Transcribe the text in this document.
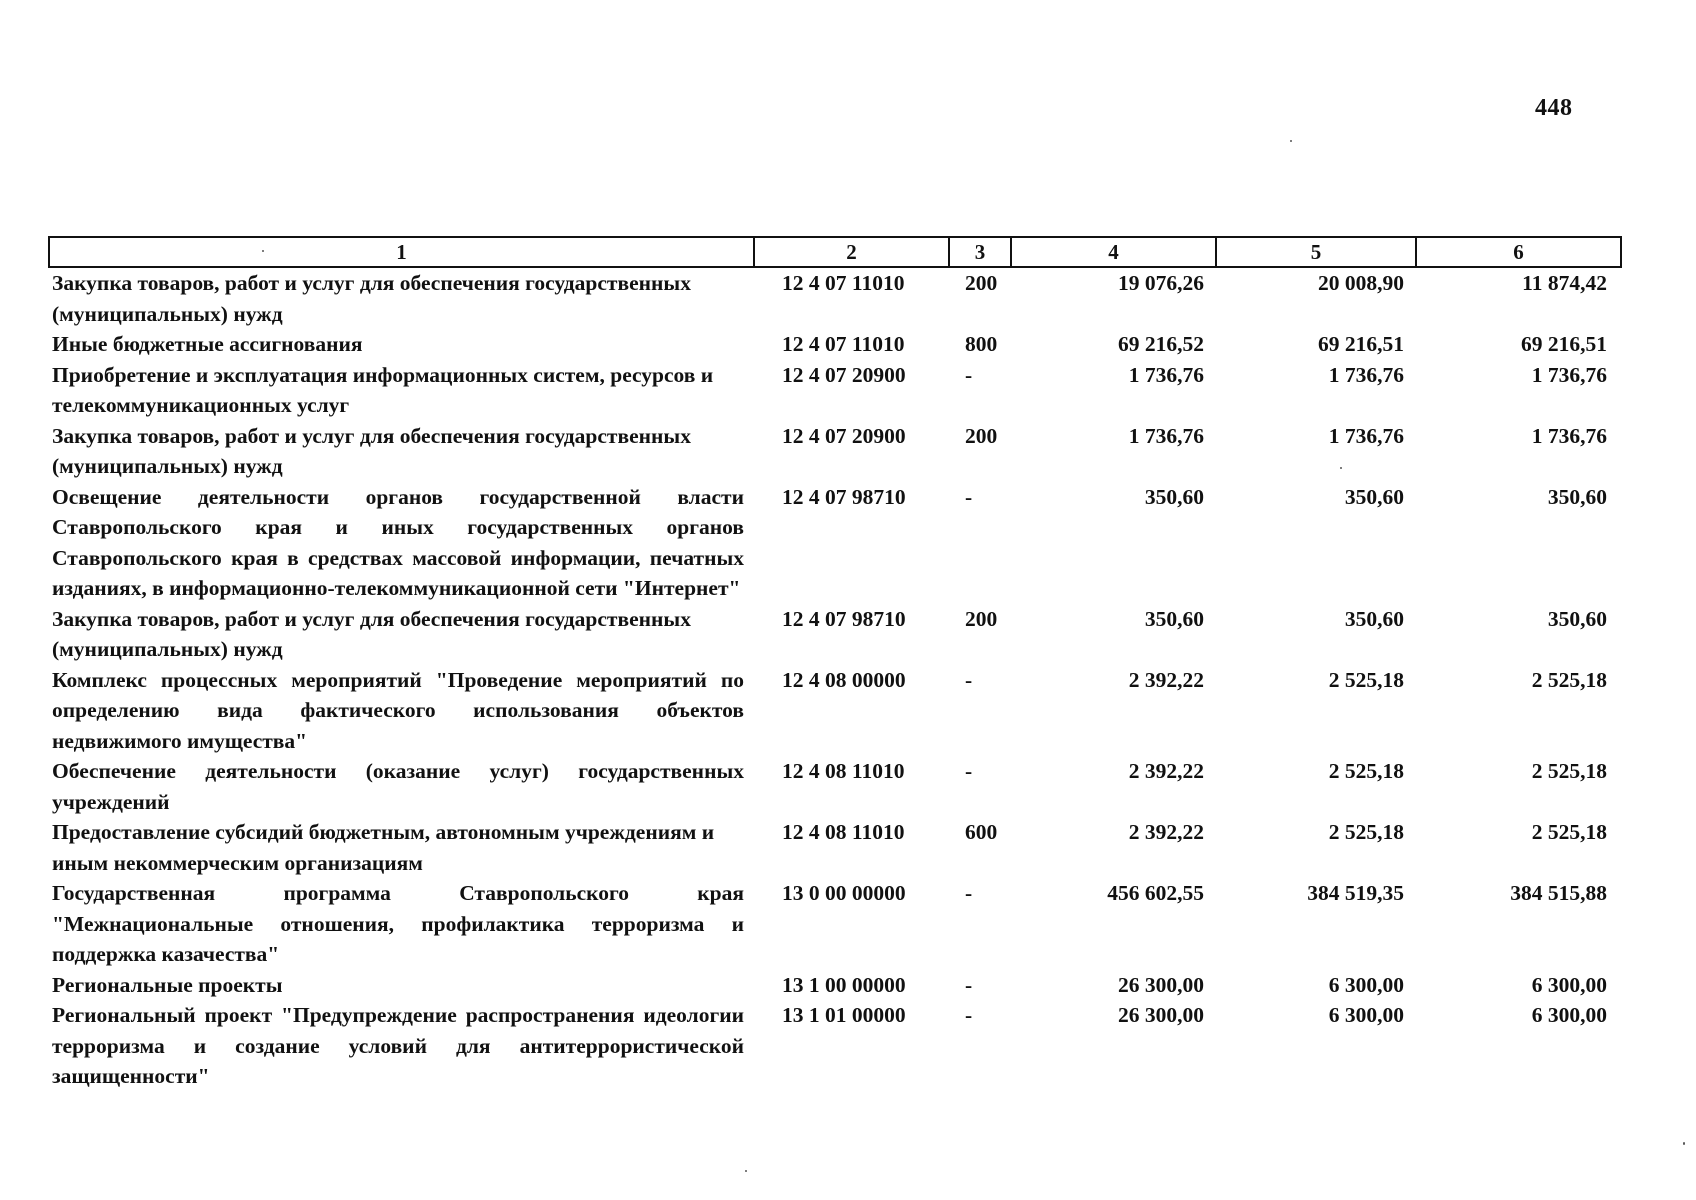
448
1	2	3	4	5	6
Закупка товаров, работ и услуг для обеспечения государственных (муниципальных) нужд	12 4 07 11010	200	19 076,26	20 008,90	11 874,42
Иные бюджетные ассигнования	12 4 07 11010	800	69 216,52	69 216,51	69 216,51
Приобретение и эксплуатация информационных систем, ресурсов и телекоммуникационных услуг	12 4 07 20900	-	1 736,76	1 736,76	1 736,76
Закупка товаров, работ и услуг для обеспечения государственных (муниципальных) нужд	12 4 07 20900	200	1 736,76	1 736,76	1 736,76
Освещение деятельности органов государственной власти Ставропольского края и иных государственных органов Ставропольского края в средствах массовой информации, печатных изданиях, в информационно-телекоммуникационной сети "Интернет"	12 4 07 98710	-	350,60	350,60	350,60
Закупка товаров, работ и услуг для обеспечения государственных (муниципальных) нужд	12 4 07 98710	200	350,60	350,60	350,60
Комплекс процессных мероприятий "Проведение мероприятий по определению вида фактического использования объектов недвижимого имущества"	12 4 08 00000	-	2 392,22	2 525,18	2 525,18
Обеспечение деятельности (оказание услуг) государственных учреждений	12 4 08 11010	-	2 392,22	2 525,18	2 525,18
Предоставление субсидий бюджетным, автономным учреждениям и иным некоммерческим организациям	12 4 08 11010	600	2 392,22	2 525,18	2 525,18
Государственная программа Ставропольского края "Межнациональные отношения, профилактика терроризма и поддержка казачества"	13 0 00 00000	-	456 602,55	384 519,35	384 515,88
Региональные проекты	13 1 00 00000	-	26 300,00	6 300,00	6 300,00
Региональный проект "Предупреждение распространения идеологии терроризма и создание условий для антитеррористической защищенности"	13 1 01 00000	-	26 300,00	6 300,00	6 300,00
